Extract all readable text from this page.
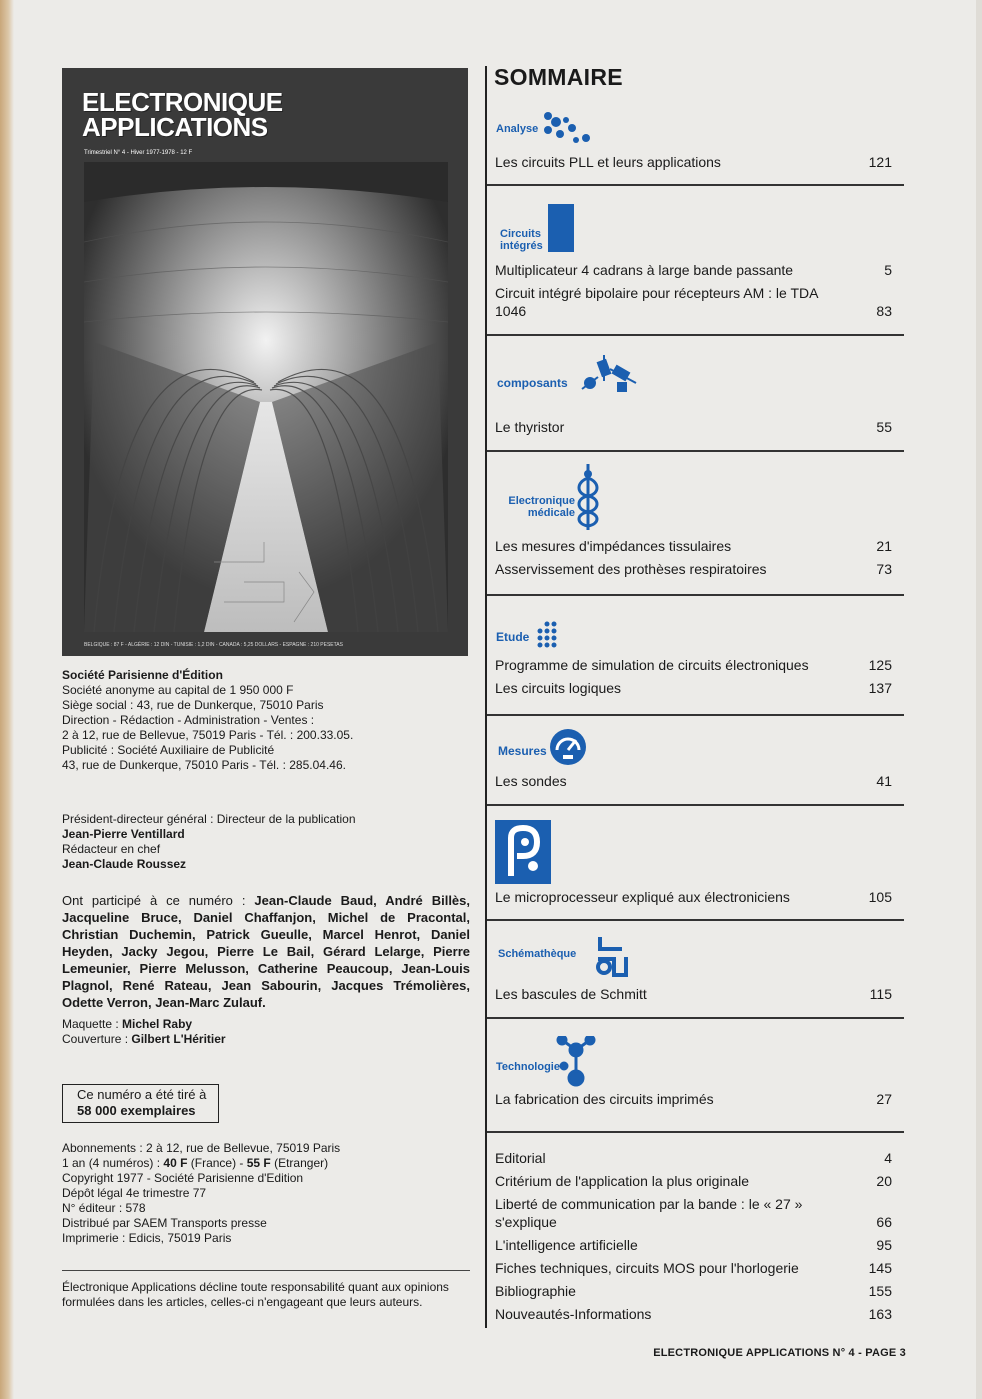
ELECTRONIQUE
APPLICATIONS
Trimestriel N° 4 - Hiver 1977-1978 - 12 F
BELGIQUE : 87 F - ALGÉRIE : 12 DIN - TUNISIE : 1,2 DIN - CANADA : 5,25 DOLLARS - ESPAGNE : 210 PESETAS
Société Parisienne d'Édition
Société anonyme au capital de 1 950 000 F
Siège social : 43, rue de Dunkerque, 75010 Paris
Direction - Rédaction - Administration - Ventes :
2 à 12, rue de Bellevue, 75019 Paris - Tél. : 200.33.05.
Publicité : Société Auxiliaire de Publicité
43, rue de Dunkerque, 75010 Paris - Tél. : 285.04.46.
Président-directeur général : Directeur de la publication
Jean-Pierre Ventillard
Rédacteur en chef
Jean-Claude Roussez
Ont participé à ce numéro : Jean-Claude Baud, André Billès, Jacqueline Bruce, Daniel Chaffanjon, Michel de Pracontal, Christian Duchemin, Patrick Gueulle, Marcel Henrot, Daniel Heyden, Jacky Jegou, Pierre Le Bail, Gérard Lelarge, Pierre Lemeunier, Pierre Melusson, Catherine Peaucoup, Jean-Louis Plagnol, René Rateau, Jean Sabourin, Jacques Trémolières, Odette Verron, Jean-Marc Zulauf.
Maquette : Michel Raby
Couverture : Gilbert L'Héritier
Ce numéro a été tiré à
58 000 exemplaires
Abonnements : 2 à 12, rue de Bellevue, 75019 Paris
1 an (4 numéros) : 40 F (France) - 55 F (Etranger)
Copyright 1977 - Société Parisienne d'Edition
Dépôt légal 4e trimestre 77
N° éditeur : 578
Distribué par SAEM Transports presse
Imprimerie : Edicis, 75019 Paris
Électronique Applications décline toute responsabilité quant aux opinions formulées dans les articles, celles-ci n'engageant que leurs auteurs.
SOMMAIRE
Analyse
Circuits
intégrés
composants
Electronique
médicale
Etude
Mesures
Schémathèque
Technologie
Les circuits PLL et leurs applications	121
Multiplicateur 4 cadrans à large bande passante	5
Circuit intégré bipolaire pour récepteurs AM : le TDA 1046	83
Le thyristor	55
Les mesures d'impédances tissulaires	21
Asservissement des prothèses respiratoires	73
Programme de simulation de circuits électroniques	125
Les circuits logiques	137
Les sondes	41
Le microprocesseur expliqué aux électroniciens	105
Les bascules de Schmitt	115
La fabrication des circuits imprimés	27
Editorial	4
Critérium de l'application la plus originale	20
Liberté de communication par la bande : le « 27 » s'explique	66
L'intelligence artificielle	95
Fiches techniques, circuits MOS pour l'horlogerie	145
Bibliographie	155
Nouveautés-Informations	163
ELECTRONIQUE APPLICATIONS N° 4 - PAGE 3
